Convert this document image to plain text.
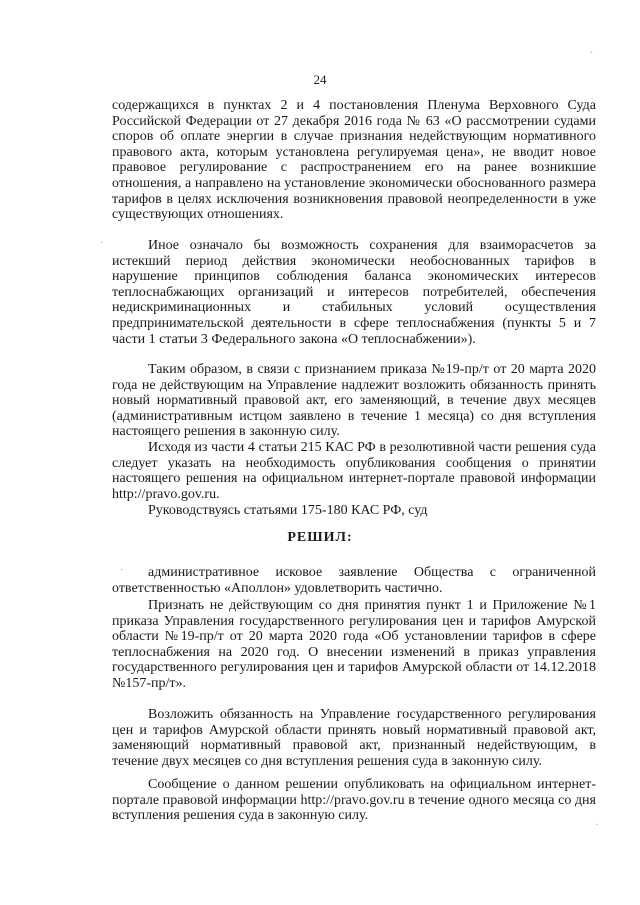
24

содержащихся в пунктах 2 и 4 постановления Пленума Верховного Суда Российской Федерации от 27 декабря 2016 года № 63 «О рассмотрении судами споров об оплате энергии в случае признания недействующим нормативного правового акта, которым установлена регулируемая цена», не вводит новое правовое регулирование с распространением его на ранее возникшие отношения, а направлено на установление экономически обоснованного размера тарифов в целях исключения возникновения правовой неопределенности в уже существующих отношениях.

Иное означало бы возможность сохранения для взаиморасчетов за истекший период действия экономически необоснованных тарифов в нарушение принципов соблюдения баланса экономических интересов теплоснабжающих организаций и интересов потребителей, обеспечения недискриминационных и стабильных условий осуществления предпринимательской деятельности в сфере теплоснабжения (пункты 5 и 7 части 1 статьи 3 Федерального закона «О теплоснабжении»).

Таким образом, в связи с признанием приказа №19-пр/т от 20 марта 2020 года не действующим на Управление надлежит возложить обязанность принять новый нормативный правовой акт, его заменяющий, в течение двух месяцев (административным истцом заявлено в течение 1 месяца) со дня вступления настоящего решения в законную силу.

Исходя из части 4 статьи 215 КАС РФ в резолютивной части решения суда следует указать на необходимость опубликования сообщения о принятии настоящего решения на официальном интернет-портале правовой информации http://pravo.gov.ru.

Руководствуясь статьями 175-180 КАС РФ, суд

РЕШИЛ:

административное исковое заявление Общества с ограниченной ответственностью «Аполлон» удовлетворить частично.

Признать не действующим со дня принятия пункт 1 и Приложение №1 приказа Управления государственного регулирования цен и тарифов Амурской области №19-пр/т от 20 марта 2020 года «Об установлении тарифов в сфере теплоснабжения на 2020 год. О внесении изменений в приказ управления государственного регулирования цен и тарифов Амурской области от 14.12.2018 №157-пр/т».

Возложить обязанность на Управление государственного регулирования цен и тарифов Амурской области принять новый нормативный правовой акт, заменяющий нормативный правовой акт, признанный недействующим, в течение двух месяцев со дня вступления решения суда в законную силу.

Сообщение о данном решении опубликовать на официальном интернет-портале правовой информации http://pravo.gov.ru в течение одного месяца со дня вступления решения суда в законную силу.

·
·
·
·
